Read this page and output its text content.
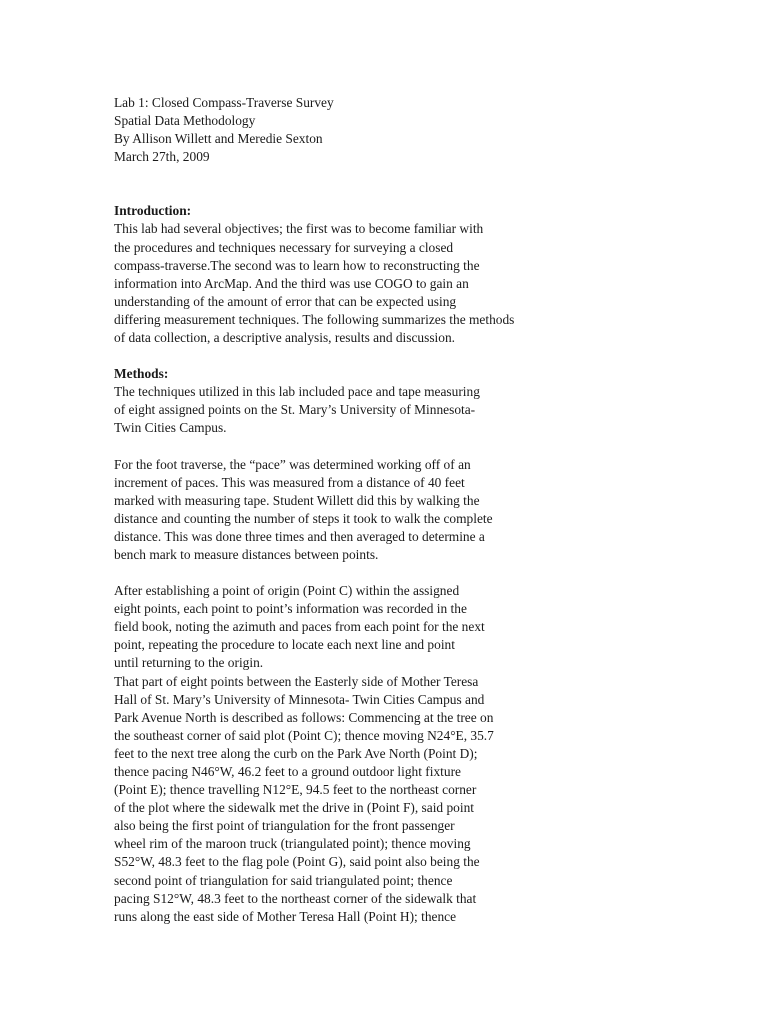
Lab 1: Closed Compass-Traverse Survey
Spatial Data Methodology
By Allison Willett and Meredie Sexton
March 27th, 2009
Introduction:
This lab had several objectives; the first was to become familiar with
the procedures and techniques necessary for surveying a closed
compass-traverse.The second was to learn how to reconstructing the
information into ArcMap. And the third was use COGO to gain an
understanding of the amount of error that can be expected using
differing measurement techniques. The following summarizes the methods
of data collection, a descriptive analysis, results and discussion.
Methods:
The techniques utilized in this lab included pace and tape measuring
of eight assigned points on the St. Mary’s University of Minnesota-
Twin Cities Campus.
For the foot traverse, the “pace” was determined working off of an
increment of paces. This was measured from a distance of 40 feet
marked with measuring tape. Student Willett did this by walking the
distance and counting the number of steps it took to walk the complete
distance. This was done three times and then averaged to determine a
bench mark to measure distances between points.
After establishing a point of origin (Point C) within the assigned
eight points, each point to point’s information was recorded in the
field book, noting the azimuth and paces from each point for the next
point, repeating the procedure to locate each next line and point
until returning to the origin.
That part of eight points between the Easterly side of Mother Teresa
Hall of St. Mary’s University of Minnesota- Twin Cities Campus and
Park Avenue North is described as follows: Commencing at the tree on
the southeast corner of said plot (Point C); thence moving N24°E, 35.7
feet to the next tree along the curb on the Park Ave North (Point D);
thence pacing N46°W, 46.2 feet to a ground outdoor light fixture
(Point E); thence travelling N12°E, 94.5 feet to the northeast corner
of the plot where the sidewalk met the drive in (Point F), said point
also being the first point of triangulation for the front passenger
wheel rim of the maroon truck (triangulated point); thence moving
S52°W, 48.3 feet to the flag pole (Point G), said point also being the
second point of triangulation for said triangulated point; thence
pacing S12°W, 48.3 feet to the northeast corner of the sidewalk that
runs along the east side of Mother Teresa Hall (Point H); thence
